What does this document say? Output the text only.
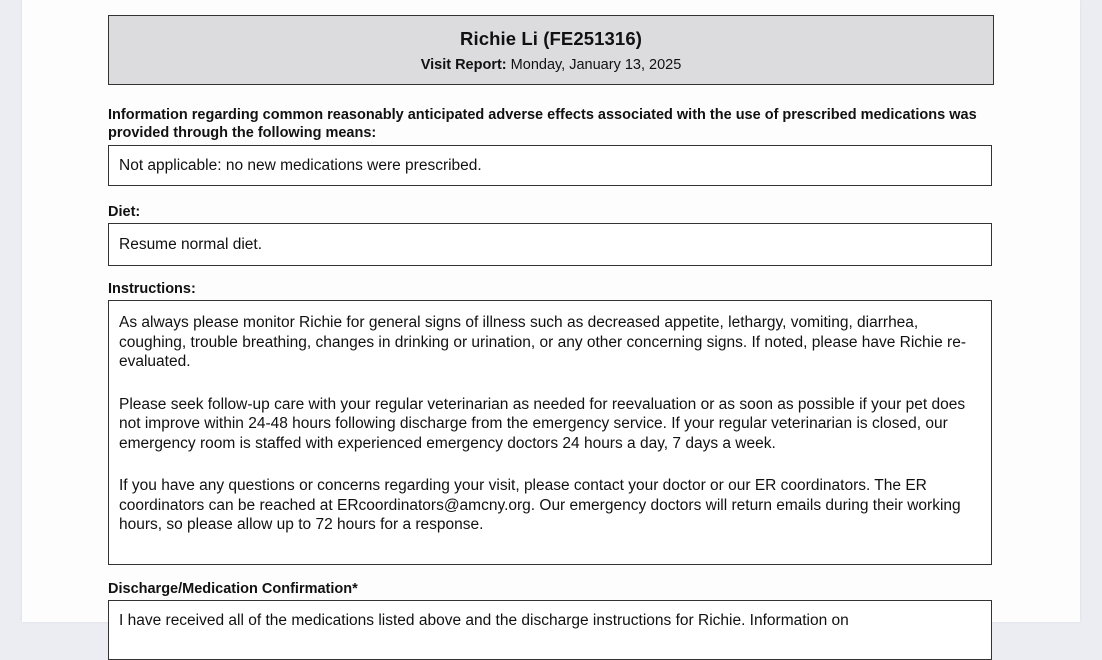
Richie Li (FE251316)
Visit Report: Monday, January 13, 2025
Information regarding common reasonably anticipated adverse effects associated with the use of prescribed medications was provided through the following means:
Not applicable: no new medications were prescribed.
Diet:
Resume normal diet.
Instructions:

As always please monitor Richie for general signs of illness such as decreased appetite, lethargy, vomiting, diarrhea, coughing, trouble breathing, changes in drinking or urination, or any other concerning signs. If noted, please have Richie re-evaluated.

Please seek follow-up care with your regular veterinarian as needed for reevaluation or as soon as possible if your pet does not improve within 24-48 hours following discharge from the emergency service. If your regular veterinarian is closed, our emergency room is staffed with experienced emergency doctors 24 hours a day, 7 days a week.

If you have any questions or concerns regarding your visit, please contact your doctor or our ER coordinators. The ER coordinators can be reached at ERcoordinators@amcny.org. Our emergency doctors will return emails during their working hours, so please allow up to 72 hours for a response.

Discharge/Medication Confirmation*

I have received all of the medications listed above and the discharge instructions for Richie. Information on
